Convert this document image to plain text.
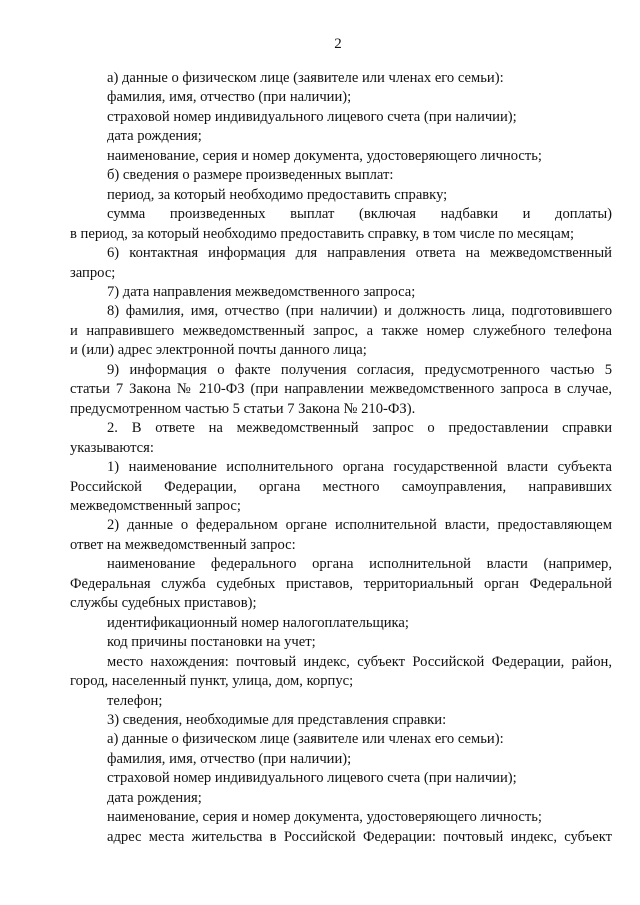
2

а) данные о физическом лице (заявителе или членах его семьи):

фамилия, имя, отчество (при наличии);

страховой номер индивидуального лицевого счета (при наличии);

дата рождения;

наименование, серия и номер документа, удостоверяющего личность;

б) сведения о размере произведенных выплат:

период, за который необходимо предоставить справку;

сумма произведенных выплат (включая надбавки и доплаты)

в период, за который необходимо предоставить справку, в том числе по месяцам;

6) контактная информация для направления ответа на межведомственный

запрос;

7) дата направления межведомственного запроса;

8) фамилия, имя, отчество (при наличии) и должность лица, подготовившего

и направившего межведомственный запрос, а также номер служебного телефона

и (или) адрес электронной почты данного лица;

9) информация о факте получения согласия, предусмотренного частью 5

статьи 7 Закона № 210-ФЗ (при направлении межведомственного запроса в случае,

предусмотренном частью 5 статьи 7 Закона № 210-ФЗ).

2. В ответе на межведомственный запрос о предоставлении справки

указываются:

1) наименование исполнительного органа государственной власти субъекта

Российской Федерации, органа местного самоуправления, направивших

межведомственный запрос;

2) данные о федеральном органе исполнительной власти, предоставляющем

ответ на межведомственный запрос:

наименование федерального органа исполнительной власти (например,

Федеральная служба судебных приставов, территориальный орган Федеральной

службы судебных приставов);

идентификационный номер налогоплательщика;

код причины постановки на учет;

место нахождения: почтовый индекс, субъект Российской Федерации, район,

город, населенный пункт, улица, дом, корпус;

телефон;

3) сведения, необходимые для представления справки:

а) данные о физическом лице (заявителе или членах его семьи):

фамилия, имя, отчество (при наличии);

страховой номер индивидуального лицевого счета (при наличии);

дата рождения;

наименование, серия и номер документа, удостоверяющего личность;

адрес места жительства в Российской Федерации: почтовый индекс, субъект
